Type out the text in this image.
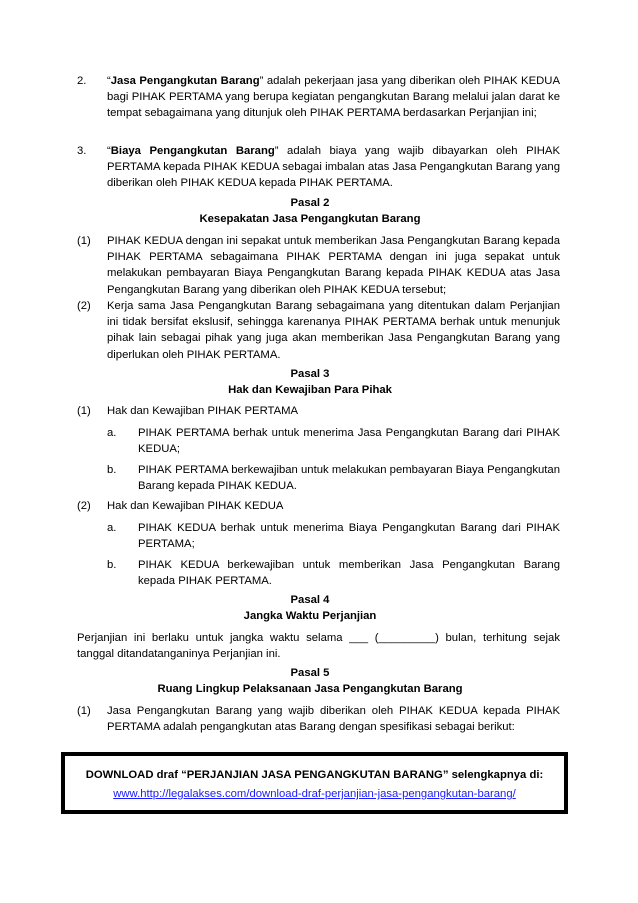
2. “Jasa Pengangkutan Barang” adalah pekerjaan jasa yang diberikan oleh PIHAK KEDUA bagi PIHAK PERTAMA yang berupa kegiatan pengangkutan Barang melalui jalan darat ke tempat sebagaimana yang ditunjuk oleh PIHAK PERTAMA berdasarkan Perjanjian ini;
3. “Biaya Pengangkutan Barang” adalah biaya yang wajib dibayarkan oleh PIHAK PERTAMA kepada PIHAK KEDUA sebagai imbalan atas Jasa Pengangkutan Barang yang diberikan oleh PIHAK KEDUA kepada PIHAK PERTAMA.
Pasal 2
Kesepakatan Jasa Pengangkutan Barang
(1) PIHAK KEDUA dengan ini sepakat untuk memberikan Jasa Pengangkutan Barang kepada PIHAK PERTAMA sebagaimana PIHAK PERTAMA dengan ini juga sepakat untuk melakukan pembayaran Biaya Pengangkutan Barang kepada PIHAK KEDUA atas Jasa Pengangkutan Barang yang diberikan oleh PIHAK KEDUA tersebut;
(2) Kerja sama Jasa Pengangkutan Barang sebagaimana yang ditentukan dalam Perjanjian ini tidak bersifat ekslusif, sehingga karenanya PIHAK PERTAMA berhak untuk menunjuk pihak lain sebagai pihak yang juga akan memberikan Jasa Pengangkutan Barang yang diperlukan oleh PIHAK PERTAMA.
Pasal 3
Hak dan Kewajiban Para Pihak
(1) Hak dan Kewajiban PIHAK PERTAMA
a. PIHAK PERTAMA berhak untuk menerima Jasa Pengangkutan Barang dari PIHAK KEDUA;
b. PIHAK PERTAMA berkewajiban untuk melakukan pembayaran Biaya Pengangkutan Barang kepada PIHAK KEDUA.
(2) Hak dan Kewajiban PIHAK KEDUA
a. PIHAK KEDUA berhak untuk menerima Biaya Pengangkutan Barang dari PIHAK PERTAMA;
b. PIHAK KEDUA berkewajiban untuk memberikan Jasa Pengangkutan Barang kepada PIHAK PERTAMA.
Pasal 4
Jangka Waktu Perjanjian
Perjanjian ini berlaku untuk jangka waktu selama ___ (_________) bulan, terhitung sejak tanggal ditandatanganinya Perjanjian ini.
Pasal 5
Ruang Lingkup Pelaksanaan Jasa Pengangkutan Barang
(1) Jasa Pengangkutan Barang yang wajib diberikan oleh PIHAK KEDUA kepada PIHAK PERTAMA adalah pengangkutan atas Barang dengan spesifikasi sebagai berikut:
DOWNLOAD draf “PERJANJIAN JASA PENGANGKUTAN BARANG” selengkapnya di:
www.http://legalakses.com/download-draf-perjanjian-jasa-pengangkutan-barang/
